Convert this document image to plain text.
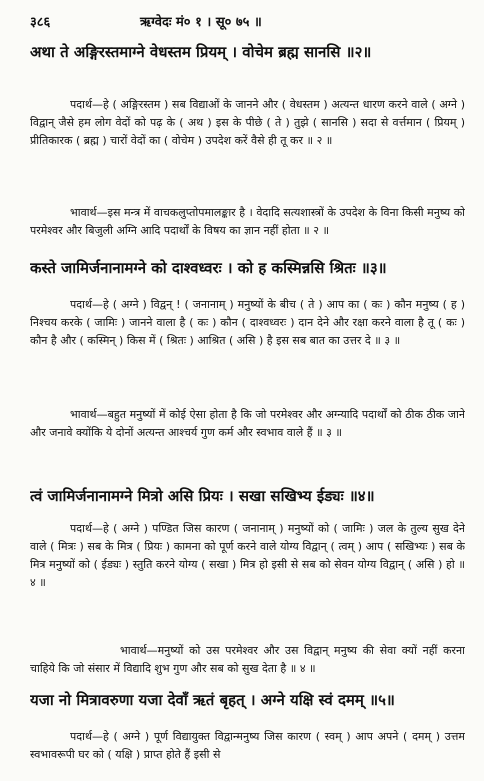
३८६	ऋग्वेदः मं० १ । सू० ७५ ॥
अथा ते अङ्गिरस्तमाग्ने वेधस्तम प्रियम् । वोचेम ब्रह्म सानसि ॥२॥
पदार्थ—हे ( अङ्गिरस्तम ) सब विद्याओं के जानने और ( वेधस्तम ) अत्यन्त धारण करने वाले ( अग्ने ) विद्वान् जैसे हम लोग वेदों को पढ़ के ( अथ ) इस के पीछे ( ते ) तुझे ( सानसि ) सदा से वर्त्तमान ( प्रियम् ) प्रीतिकारक ( ब्रह्म ) चारों वेदों का ( वोचेम ) उपदेश करें वैसे ही तू कर ॥ २ ॥
भावार्थ—इस मन्त्र में वाचकलुप्तोपमालङ्कार है । वेदादि सत्यशास्त्रों के उपदेश के विना किसी मनुष्य को परमेश्वर और बिजुली अग्नि आदि पदार्थों के विषय का ज्ञान नहीं होता ॥ २ ॥
कस्ते जामिर्जनानामग्ने को दाश्वध्वरः । को ह कस्मिन्नसि श्रितः ॥३॥
पदार्थ—हे ( अग्ने ) विद्वन् ! ( जनानाम् ) मनुष्यों के बीच ( ते ) आप का ( कः ) कौन मनुष्य ( ह ) निश्चय करके ( जामिः ) जानने वाला है ( कः ) कौन ( दाश्वध्वरः ) दान देने और रक्षा करने वाला है तू ( कः ) कौन है और ( कस्मिन् ) किस में ( श्रितः ) आश्रित ( असि ) है इस सब बात का उत्तर दे ॥ ३ ॥
भावार्थ—बहुत मनुष्यों में कोई ऐसा होता है कि जो परमेश्वर और अग्न्यादि पदार्थों को ठीक ठीक जाने और जनावे क्योंकि ये दोनों अत्यन्त आश्चर्य गुण कर्म और स्वभाव वाले हैं ॥ ३ ॥
त्वं जामिर्जनानामग्ने मित्रो असि प्रियः । सखा सखिभ्य ईड्यः ॥४॥
पदार्थ—हे ( अग्ने ) पण्डित जिस कारण ( जनानाम् ) मनुष्यों को ( जामिः ) जल के तुल्य सुख देने वाले ( मित्रः ) सब के मित्र ( प्रियः ) कामना को पूर्ण करने वाले योग्य विद्वान् ( त्वम् ) आप ( सखिभ्यः ) सब के मित्र मनुष्यों को ( ईड्यः ) स्तुति करने योग्य ( सखा ) मित्र हो इसी से सब को सेवन योग्य विद्वान् ( असि ) हो ॥ ४ ॥
भावार्थ—मनुष्यों को उस परमेश्वर और उस विद्वान् मनुष्य की सेवा क्यों नहीं करना चाहिये कि जो संसार में विद्यादि शुभ गुण और सब को सुख देता है ॥ ४ ॥
यजा नो मित्रावरुणा यजा देवाँ ऋतं बृहत् । अग्ने यक्षि स्वं दमम् ॥५॥
पदार्थ—हे ( अग्ने ) पूर्ण विद्यायुक्त विद्वान्मनुष्य जिस कारण ( स्वम् ) आप अपने ( दमम् ) उत्तम स्वभावरूपी घर को ( यक्षि ) प्राप्त होते हैं इसी से
